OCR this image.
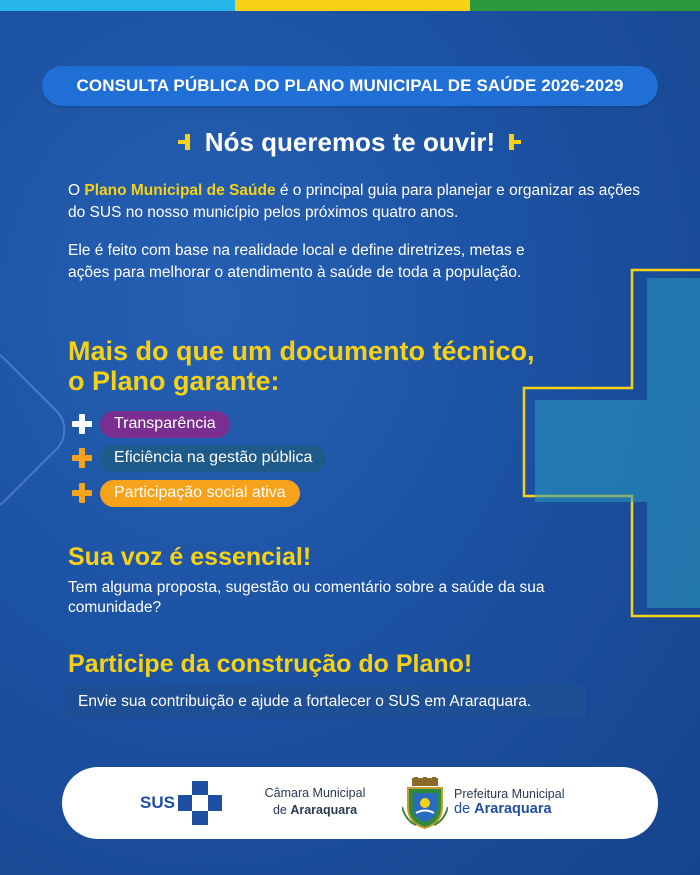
CONSULTA PÚBLICA DO PLANO MUNICIPAL DE SAÚDE 2026-2029
Nós queremos te ouvir!

O Plano Municipal de Saúde é o principal guia para planejar e organizar as ações do SUS no nosso município pelos próximos quatro anos.

Ele é feito com base na realidade local e define diretrizes, metas e ações para melhorar o atendimento à saúde de toda a população.

Mais do que um documento técnico,
o Plano garante:
Transparência
Eficiência na gestão pública
Participação social ativa
Sua voz é essencial!

Tem alguma proposta, sugestão ou comentário sobre a saúde da sua comunidade?

Participe da construção do Plano!
Envie sua contribuição e ajude a fortalecer o SUS em Araraquara.
SUS	Câmara Municipal
de Araraquara
Prefeitura Municipal
de Araraquara
